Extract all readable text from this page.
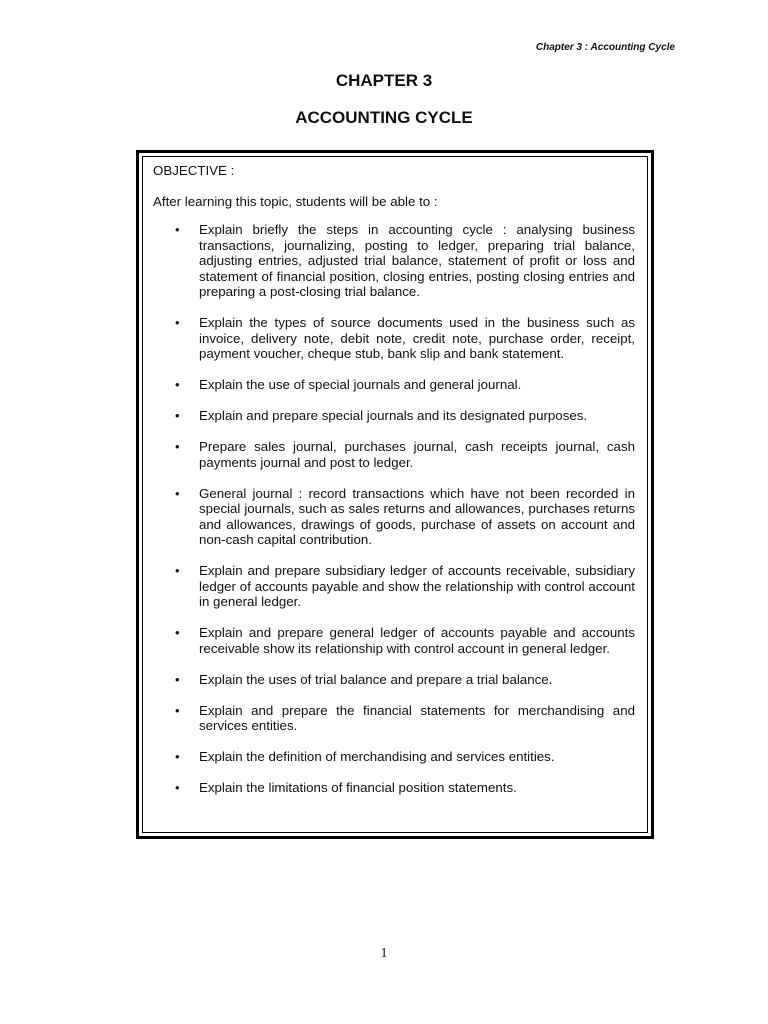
Chapter 3 : Accounting Cycle
CHAPTER 3
ACCOUNTING CYCLE
OBJECTIVE :
After learning this topic, students will be able to :
• Explain briefly the steps in accounting cycle : analysing business transactions, journalizing, posting to ledger, preparing trial balance, adjusting entries, adjusted trial balance, statement of profit or loss and statement of financial position, closing entries, posting closing entries and preparing a post-closing trial balance.
• Explain the types of source documents used in the business such as invoice, delivery note, debit note, credit note, purchase order, receipt, payment voucher, cheque stub, bank slip and bank statement.
• Explain the use of special journals and general journal.
• Explain and prepare special journals and its designated purposes.
• Prepare sales journal, purchases journal, cash receipts journal, cash payments journal and post to ledger.
• General journal : record transactions which have not been recorded in special journals, such as sales returns and allowances, purchases returns and allowances, drawings of goods, purchase of assets on account and non-cash capital contribution.
• Explain and prepare subsidiary ledger of accounts receivable, subsidiary ledger of accounts payable and show the relationship with control account in general ledger.
• Explain and prepare general ledger of accounts payable and accounts receivable show its relationship with control account in general ledger.
• Explain the uses of trial balance and prepare a trial balance.
• Explain and prepare the financial statements for merchandising and services entities.
• Explain the definition of merchandising and services entities.
• Explain the limitations of financial position statements.
1
